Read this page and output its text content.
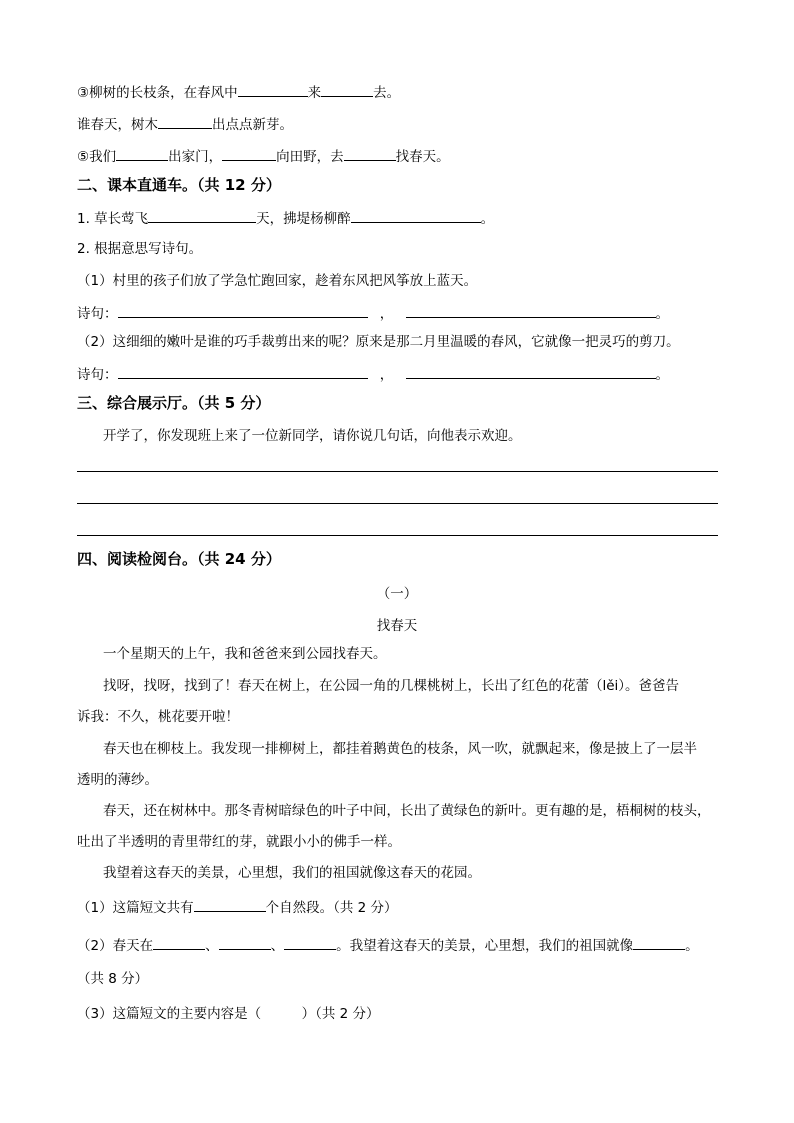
③柳树的长枝条，在春风中	来	去。
谁春天，树木	出点点新芽。
⑤我们	出家门，	向田野，去	找春天。
二、课本直通车。（共 12 分）
1. 草长莺飞	天，拂堤杨柳醉	。
2. 根据意思写诗句。
（1）村里的孩子们放了学急忙跑回家，趁着东风把风筝放上蓝天。
诗句：	，	。
（2）这细细的嫩叶是谁的巧手裁剪出来的呢？原来是那二月里温暖的春风，它就像一把灵巧的剪刀。
诗句：	，	。
三、综合展示厅。（共 5 分）
开学了，你发现班上来了一位新同学，请你说几句话，向他表示欢迎。
四、阅读检阅台。（共 24 分）
（一）
找春天
一个星期天的上午，我和爸爸来到公园找春天。
找呀，找呀，找到了！春天在树上，在公园一角的几棵桃树上，长出了红色的花蕾（lěi）。爸爸告
诉我：不久，桃花要开啦！
春天也在柳枝上。我发现一排柳树上，都挂着鹅黄色的枝条，风一吹，就飘起来，像是披上了一层半
透明的薄纱。
春天，还在树林中。那冬青树暗绿色的叶子中间，长出了黄绿色的新叶。更有趣的是，梧桐树的枝头，
吐出了半透明的青里带红的芽，就跟小小的佛手一样。
我望着这春天的美景，心里想，我们的祖国就像这春天的花园。
（1）这篇短文共有	个自然段。（共 2 分）
（2）春天在	、	、	。我望着这春天的美景，心里想，我们的祖国就像	。
（共 8 分）
（3）这篇短文的主要内容是（　　　）（共 2 分）
